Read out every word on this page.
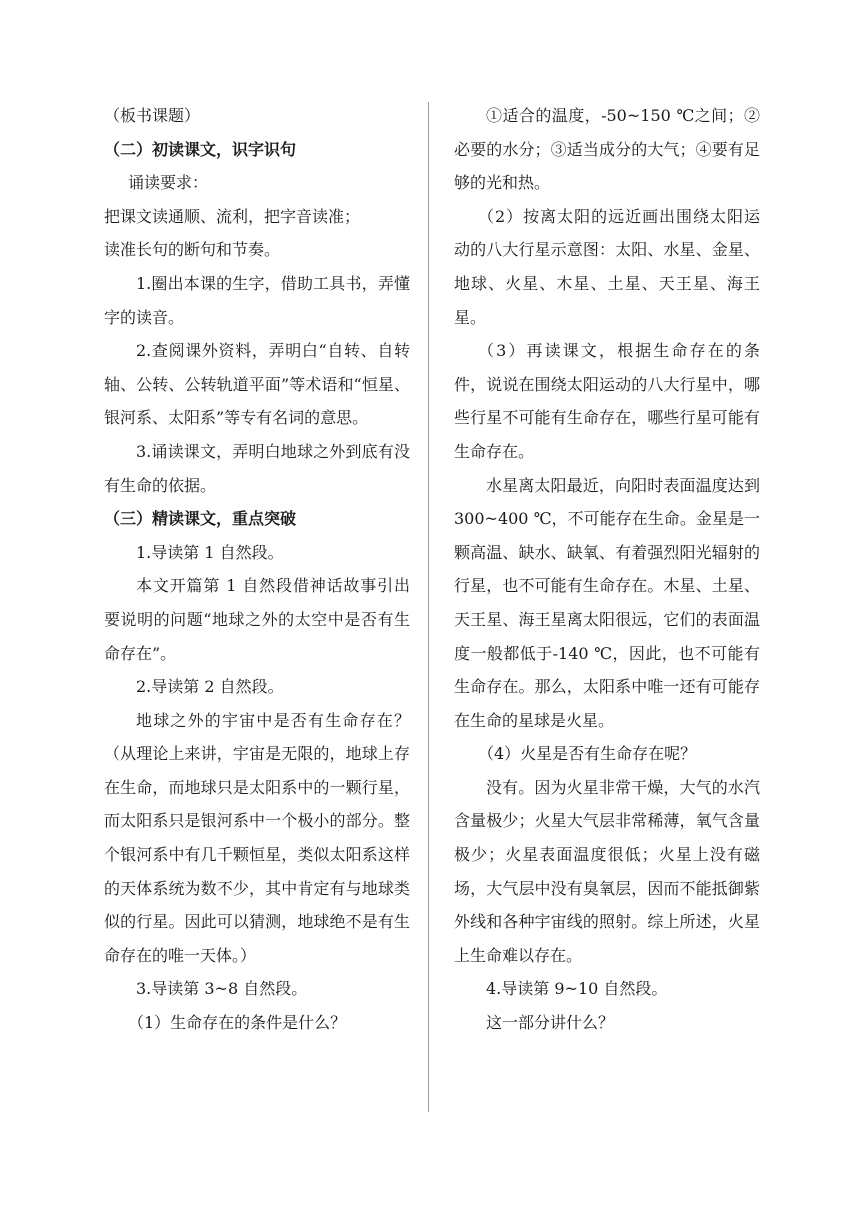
（板书课题）

（二）初读课文，识字识句

诵读要求：

把课文读通顺、流利，把字音读准；

读准长句的断句和节奏。

1.圈出本课的生字，借助工具书，弄懂字的读音。

2.查阅课外资料，弄明白“自转、自转轴、公转、公转轨道平面”等术语和“恒星、银河系、太阳系”等专有名词的意思。

3.诵读课文，弄明白地球之外到底有没有生命的依据。

（三）精读课文，重点突破

1.导读第 1 自然段。

本文开篇第 1 自然段借神话故事引出要说明的问题“地球之外的太空中是否有生命存在”。

2.导读第 2 自然段。

地球之外的宇宙中是否有生命存在？（从理论上来讲，宇宙是无限的，地球上存在生命，而地球只是太阳系中的一颗行星，而太阳系只是银河系中一个极小的部分。整个银河系中有几千颗恒星，类似太阳系这样的天体系统为数不少，其中肯定有与地球类似的行星。因此可以猜测，地球绝不是有生命存在的唯一天体。）

3.导读第 3~8 自然段。

（1）生命存在的条件是什么？

①适合的温度，-50~150 ℃之间；②必要的水分；③适当成分的大气；④要有足够的光和热。

（2）按离太阳的远近画出围绕太阳运动的八大行星示意图：太阳、水星、金星、地球、火星、木星、土星、天王星、海王星。

（3）再读课文，根据生命存在的条件，说说在围绕太阳运动的八大行星中，哪些行星不可能有生命存在，哪些行星可能有生命存在。

水星离太阳最近，向阳时表面温度达到 300~400 ℃，不可能存在生命。金星是一颗高温、缺水、缺氧、有着强烈阳光辐射的行星，也不可能有生命存在。木星、土星、天王星、海王星离太阳很远，它们的表面温度一般都低于-140 ℃，因此，也不可能有生命存在。那么，太阳系中唯一还有可能存在生命的星球是火星。

（4）火星是否有生命存在呢？

没有。因为火星非常干燥，大气的水汽含量极少；火星大气层非常稀薄，氧气含量极少；火星表面温度很低；火星上没有磁场，大气层中没有臭氧层，因而不能抵御紫外线和各种宇宙线的照射。综上所述，火星上生命难以存在。

4.导读第 9~10 自然段。

这一部分讲什么？
